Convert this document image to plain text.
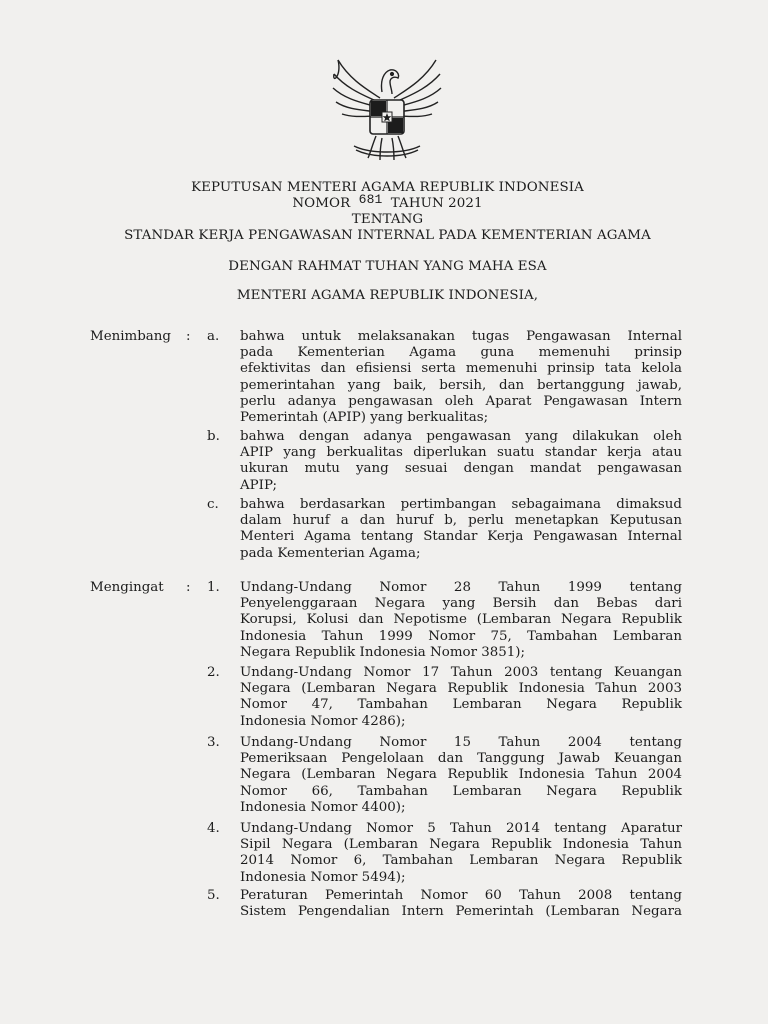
KEPUTUSAN MENTERI AGAMA REPUBLIK INDONESIA
NOMOR 681 TAHUN 2021
TENTANG
STANDAR KERJA PENGAWASAN INTERNAL PADA KEMENTERIAN AGAMA
DENGAN RAHMAT TUHAN YANG MAHA ESA
MENTERI AGAMA REPUBLIK INDONESIA,
Menimbang : a. bahwa untuk melaksanakan tugas Pengawasan Internal
pada Kementerian Agama guna memenuhi prinsip
efektivitas dan efisiensi serta memenuhi prinsip tata kelola
pemerintahan yang baik, bersih, dan bertanggung jawab,
perlu adanya pengawasan oleh Aparat Pengawasan Intern
Pemerintah (APIP) yang berkualitas;
b. bahwa dengan adanya pengawasan yang dilakukan oleh
APIP yang berkualitas diperlukan suatu standar kerja atau
ukuran mutu yang sesuai dengan mandat pengawasan
APIP;
c. bahwa berdasarkan pertimbangan sebagaimana dimaksud
dalam huruf a dan huruf b, perlu menetapkan Keputusan
Menteri Agama tentang Standar Kerja Pengawasan Internal
pada Kementerian Agama;
Mengingat : 1. Undang-Undang Nomor 28 Tahun 1999 tentang
Penyelenggaraan Negara yang Bersih dan Bebas dari
Korupsi, Kolusi dan Nepotisme (Lembaran Negara Republik
Indonesia Tahun 1999 Nomor 75, Tambahan Lembaran
Negara Republik Indonesia Nomor 3851);
2. Undang-Undang Nomor 17 Tahun 2003 tentang Keuangan
Negara (Lembaran Negara Republik Indonesia Tahun 2003
Nomor 47, Tambahan Lembaran Negara Republik
Indonesia Nomor 4286);
3. Undang-Undang Nomor 15 Tahun 2004 tentang
Pemeriksaan Pengelolaan dan Tanggung Jawab Keuangan
Negara (Lembaran Negara Republik Indonesia Tahun 2004
Nomor 66, Tambahan Lembaran Negara Republik
Indonesia Nomor 4400);
4. Undang-Undang Nomor 5 Tahun 2014 tentang Aparatur
Sipil Negara (Lembaran Negara Republik Indonesia Tahun
2014 Nomor 6, Tambahan Lembaran Negara Republik
Indonesia Nomor 5494);
5. Peraturan Pemerintah Nomor 60 Tahun 2008 tentang
Sistem Pengendalian Intern Pemerintah (Lembaran Negara
